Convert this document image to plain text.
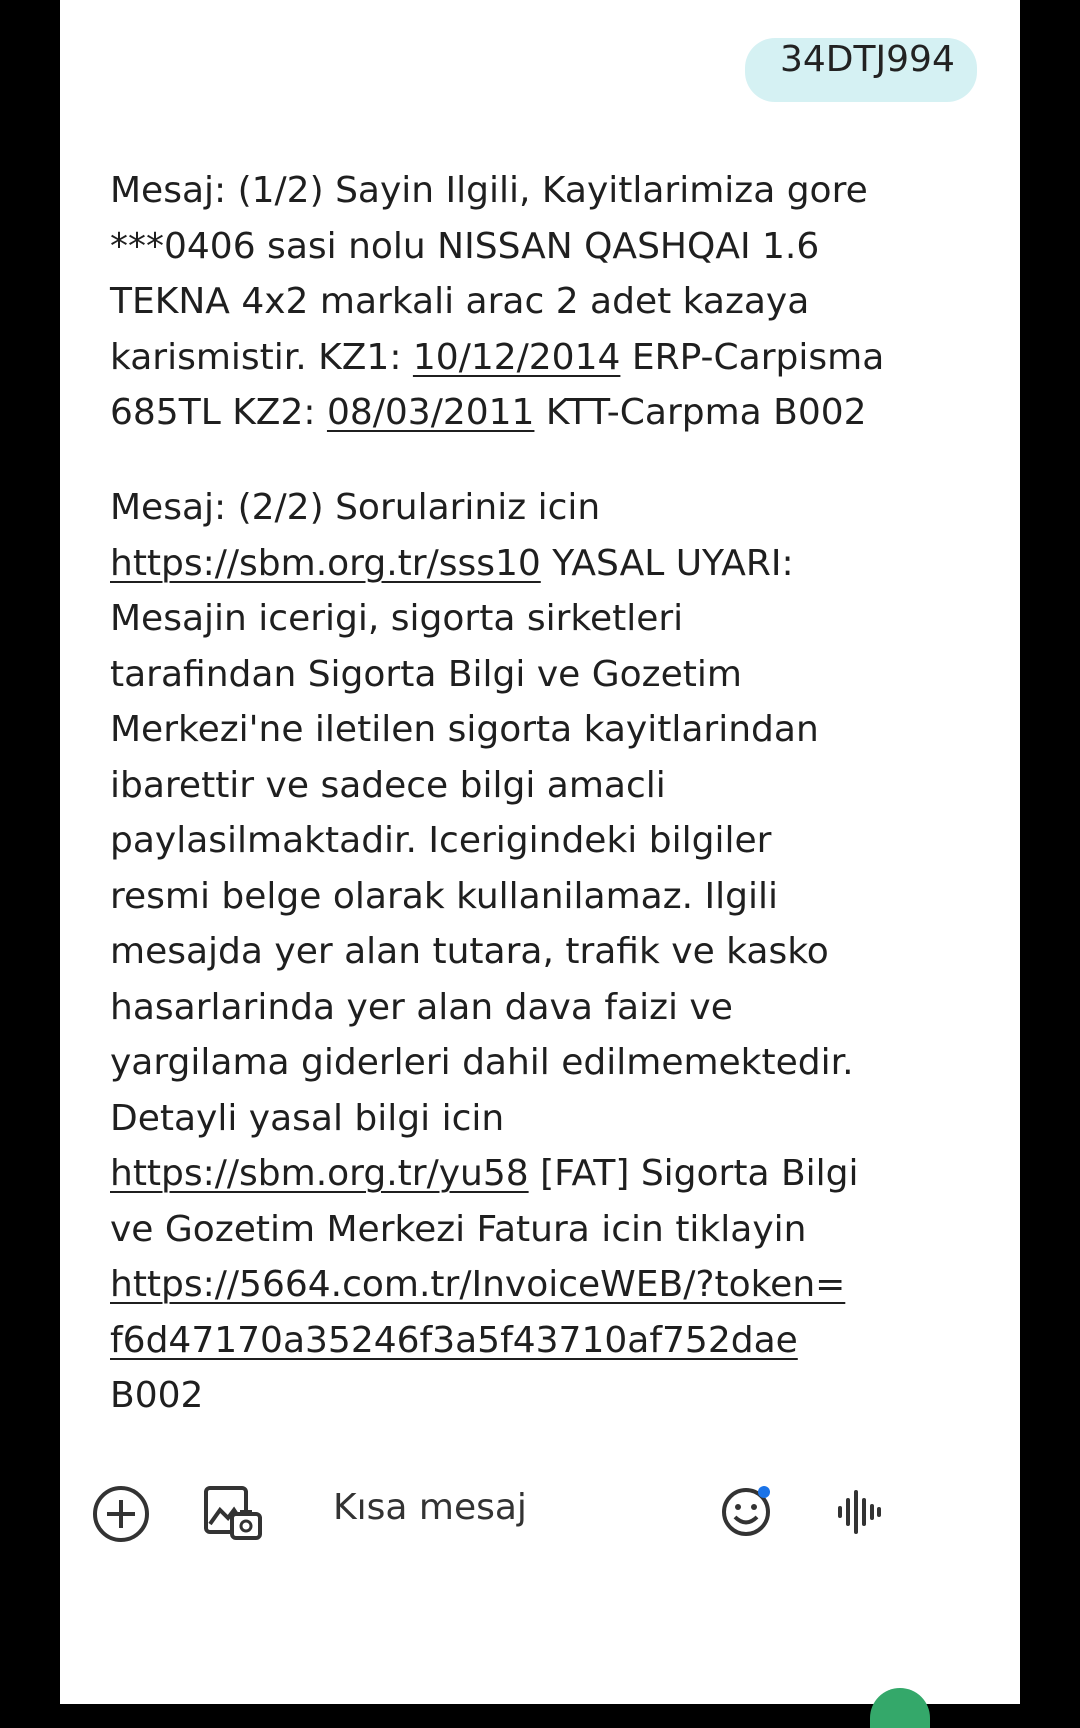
34DTJ994
Mesaj: (1/2) Sayin Ilgili, Kayitlarimiza gore
***0406 sasi nolu NISSAN QASHQAI 1.6
TEKNA 4x2 markali arac 2 adet kazaya
karismistir. KZ1: 10/12/2014 ERP-Carpisma
685TL KZ2: 08/03/2011 KTT-Carpma B002
Mesaj: (2/2) Sorulariniz icin
https://sbm.org.tr/sss10 YASAL UYARI:
Mesajin icerigi, sigorta sirketleri
tarafindan Sigorta Bilgi ve Gozetim
Merkezi'ne iletilen sigorta kayitlarindan
ibarettir ve sadece bilgi amacli
paylasilmaktadir. Icerigindeki bilgiler
resmi belge olarak kullanilamaz. Ilgili
mesajda yer alan tutara, trafik ve kasko
hasarlarinda yer alan dava faizi ve
yargilama giderleri dahil edilmemektedir.
Detayli yasal bilgi icin
https://sbm.org.tr/yu58 [FAT] Sigorta Bilgi
ve Gozetim Merkezi Fatura icin tiklayin
https://5664.com.tr/InvoiceWEB/?token=
f6d47170a35246f3a5f43710af752dae
B002
Kısa mesaj
